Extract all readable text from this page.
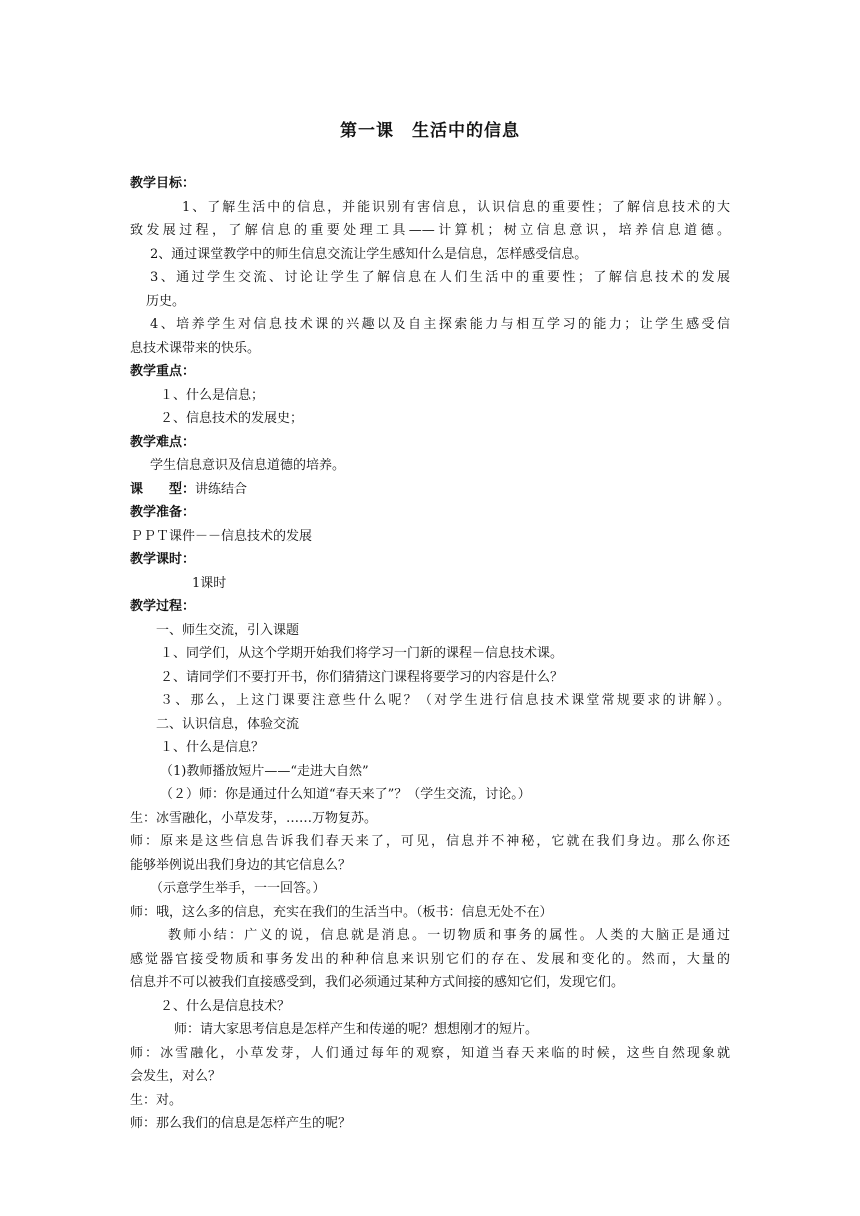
第一课　生活中的信息
教学目标：
1、了解生活中的信息，并能识别有害信息，认识信息的重要性；了解信息技术的大
致发展过程，了解信息的重要处理工具——计算机；树立信息意识，培养信息道德。
2、通过课堂教学中的师生信息交流让学生感知什么是信息，怎样感受信息。
3、通过学生交流、讨论让学生了解信息在人们生活中的重要性；了解信息技术的发展
历史。
4、培养学生对信息技术课的兴趣以及自主探索能力与相互学习的能力；让学生感受信
息技术课带来的快乐。
教学重点：
１、什么是信息；
２、信息技术的发展史；
教学难点：
学生信息意识及信息道德的培养。
课　　型：讲练结合
教学准备：
ＰＰＴ课件－－信息技术的发展
教学课时：
1课时
教学过程：
一、师生交流，引入课题
１、同学们，从这个学期开始我们将学习一门新的课程－信息技术课。
２、请同学们不要打开书，你们猜猜这门课程将要学习的内容是什么？
３、那么，上这门课要注意些什么呢？（对学生进行信息技术课堂常规要求的讲解）。
二、认识信息，体验交流
１、什么是信息？
（1)教师播放短片——“走进大自然”
（２）师：你是通过什么知道“春天来了”？（学生交流，讨论。）
生：冰雪融化，小草发芽，……万物复苏。
师：原来是这些信息告诉我们春天来了，可见，信息并不神秘，它就在我们身边。那么你还
能够举例说出我们身边的其它信息么？
（示意学生举手，一一回答。）
师：哦，这么多的信息，充实在我们的生活当中。（板书：信息无处不在）
教师小结：广义的说，信息就是消息。一切物质和事务的属性。人类的大脑正是通过
感觉器官接受物质和事务发出的种种信息来识别它们的存在、发展和变化的。然而，大量的
信息并不可以被我们直接感受到，我们必须通过某种方式间接的感知它们，发现它们。
２、什么是信息技术？
师：请大家思考信息是怎样产生和传递的呢？想想刚才的短片。
师：冰雪融化，小草发芽，人们通过每年的观察，知道当春天来临的时候，这些自然现象就
会发生，对么？
生：对。
师：那么我们的信息是怎样产生的呢？
